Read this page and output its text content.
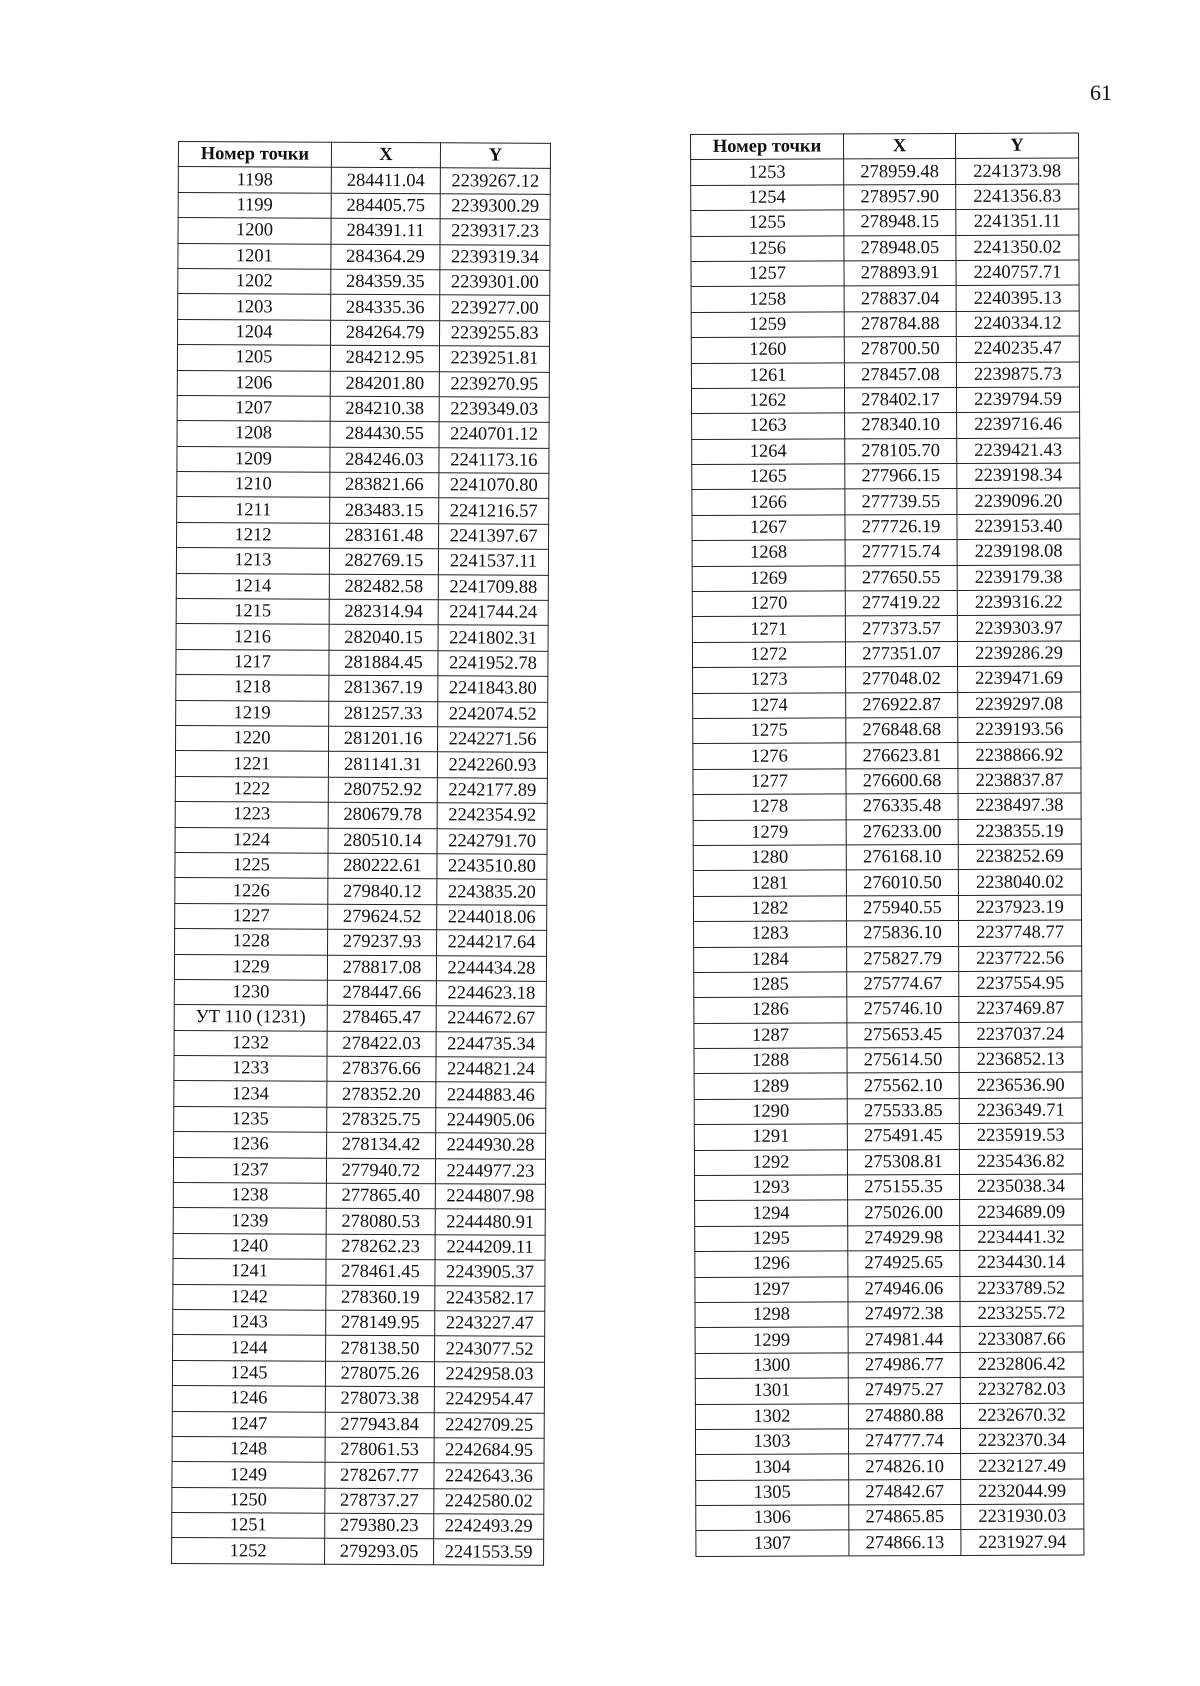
61
Номер точки	X	Y
1198	284411.04	2239267.12
1199	284405.75	2239300.29
1200	284391.11	2239317.23
1201	284364.29	2239319.34
1202	284359.35	2239301.00
1203	284335.36	2239277.00
1204	284264.79	2239255.83
1205	284212.95	2239251.81
1206	284201.80	2239270.95
1207	284210.38	2239349.03
1208	284430.55	2240701.12
1209	284246.03	2241173.16
1210	283821.66	2241070.80
1211	283483.15	2241216.57
1212	283161.48	2241397.67
1213	282769.15	2241537.11
1214	282482.58	2241709.88
1215	282314.94	2241744.24
1216	282040.15	2241802.31
1217	281884.45	2241952.78
1218	281367.19	2241843.80
1219	281257.33	2242074.52
1220	281201.16	2242271.56
1221	281141.31	2242260.93
1222	280752.92	2242177.89
1223	280679.78	2242354.92
1224	280510.14	2242791.70
1225	280222.61	2243510.80
1226	279840.12	2243835.20
1227	279624.52	2244018.06
1228	279237.93	2244217.64
1229	278817.08	2244434.28
1230	278447.66	2244623.18
УТ 110 (1231)	278465.47	2244672.67
1232	278422.03	2244735.34
1233	278376.66	2244821.24
1234	278352.20	2244883.46
1235	278325.75	2244905.06
1236	278134.42	2244930.28
1237	277940.72	2244977.23
1238	277865.40	2244807.98
1239	278080.53	2244480.91
1240	278262.23	2244209.11
1241	278461.45	2243905.37
1242	278360.19	2243582.17
1243	278149.95	2243227.47
1244	278138.50	2243077.52
1245	278075.26	2242958.03
1246	278073.38	2242954.47
1247	277943.84	2242709.25
1248	278061.53	2242684.95
1249	278267.77	2242643.36
1250	278737.27	2242580.02
1251	279380.23	2242493.29
1252	279293.05	2241553.59
Номер точки	X	Y
1253	278959.48	2241373.98
1254	278957.90	2241356.83
1255	278948.15	2241351.11
1256	278948.05	2241350.02
1257	278893.91	2240757.71
1258	278837.04	2240395.13
1259	278784.88	2240334.12
1260	278700.50	2240235.47
1261	278457.08	2239875.73
1262	278402.17	2239794.59
1263	278340.10	2239716.46
1264	278105.70	2239421.43
1265	277966.15	2239198.34
1266	277739.55	2239096.20
1267	277726.19	2239153.40
1268	277715.74	2239198.08
1269	277650.55	2239179.38
1270	277419.22	2239316.22
1271	277373.57	2239303.97
1272	277351.07	2239286.29
1273	277048.02	2239471.69
1274	276922.87	2239297.08
1275	276848.68	2239193.56
1276	276623.81	2238866.92
1277	276600.68	2238837.87
1278	276335.48	2238497.38
1279	276233.00	2238355.19
1280	276168.10	2238252.69
1281	276010.50	2238040.02
1282	275940.55	2237923.19
1283	275836.10	2237748.77
1284	275827.79	2237722.56
1285	275774.67	2237554.95
1286	275746.10	2237469.87
1287	275653.45	2237037.24
1288	275614.50	2236852.13
1289	275562.10	2236536.90
1290	275533.85	2236349.71
1291	275491.45	2235919.53
1292	275308.81	2235436.82
1293	275155.35	2235038.34
1294	275026.00	2234689.09
1295	274929.98	2234441.32
1296	274925.65	2234430.14
1297	274946.06	2233789.52
1298	274972.38	2233255.72
1299	274981.44	2233087.66
1300	274986.77	2232806.42
1301	274975.27	2232782.03
1302	274880.88	2232670.32
1303	274777.74	2232370.34
1304	274826.10	2232127.49
1305	274842.67	2232044.99
1306	274865.85	2231930.03
1307	274866.13	2231927.94
